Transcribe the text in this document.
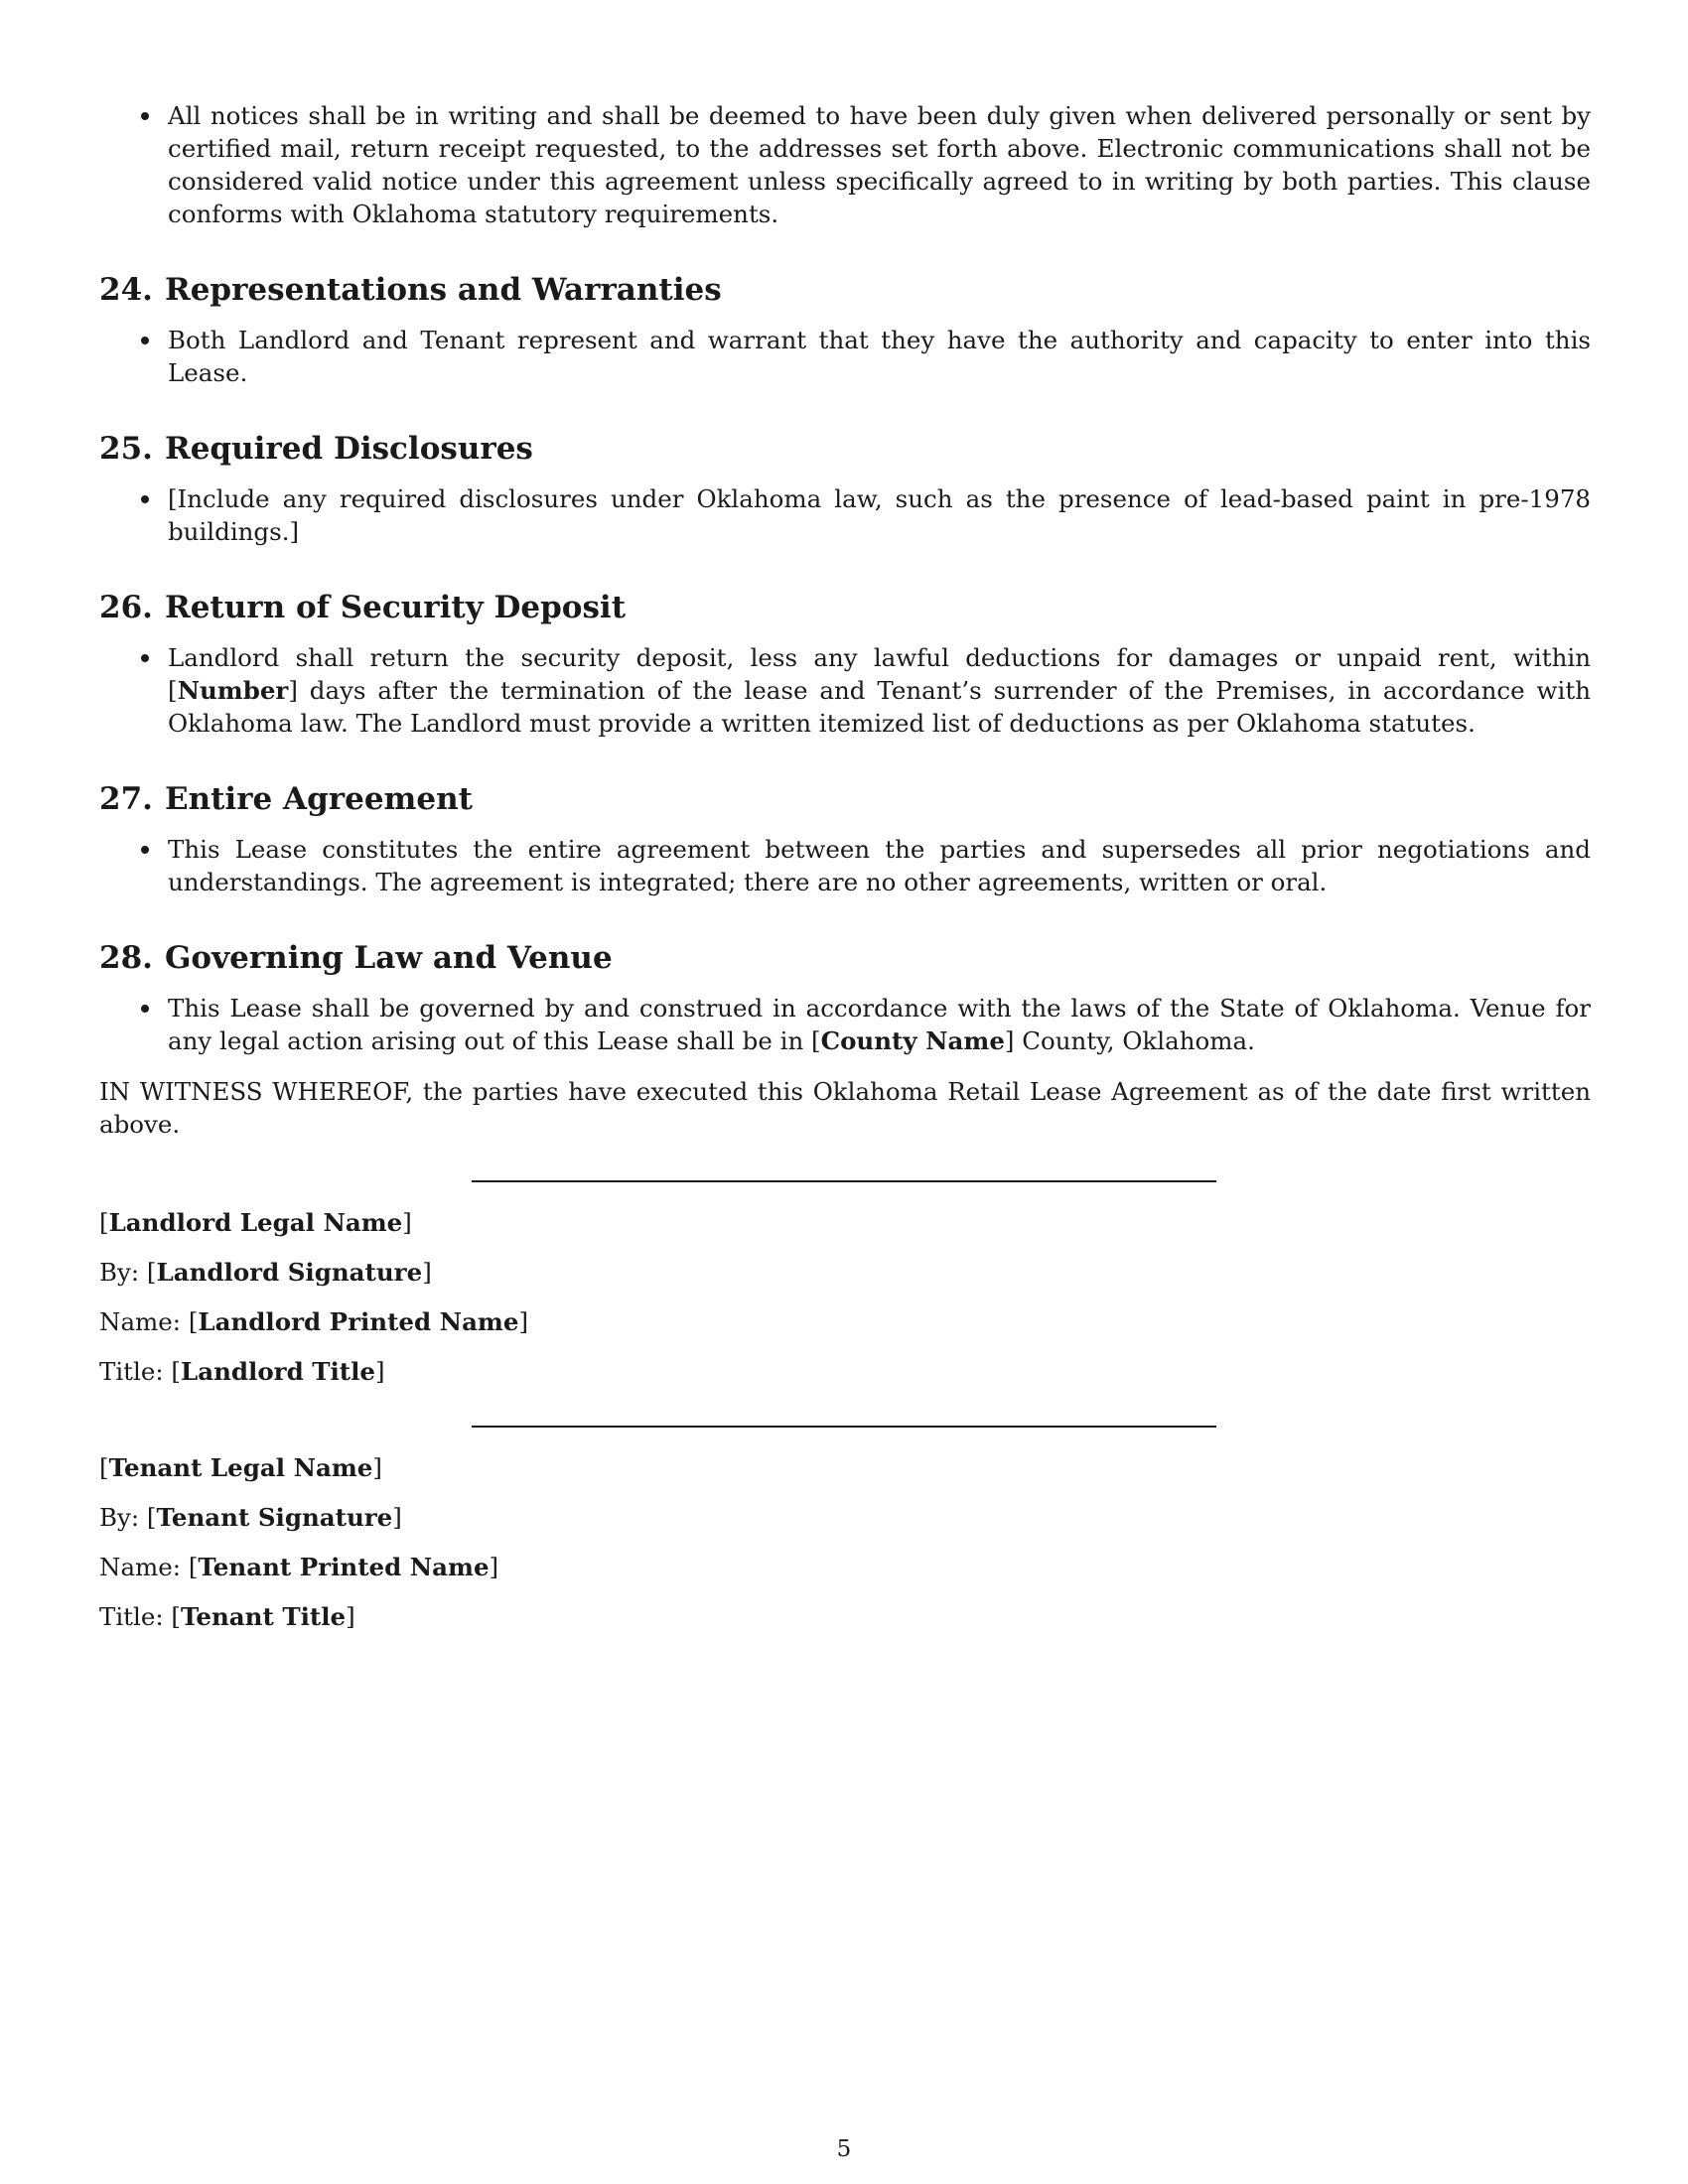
All notices shall be in writing and shall be deemed to have been duly given when delivered personally or sent by certified mail, return receipt requested, to the addresses set forth above. Electronic communications shall not be considered valid notice under this agreement unless specifically agreed to in writing by both parties. This clause conforms with Oklahoma statutory requirements.
24. Representations and Warranties
Both Landlord and Tenant represent and warrant that they have the authority and capacity to enter into this Lease.
25. Required Disclosures
[Include any required disclosures under Oklahoma law, such as the presence of lead-based paint in pre-1978 buildings.]
26. Return of Security Deposit
Landlord shall return the security deposit, less any lawful deductions for damages or unpaid rent, within [Number] days after the termination of the lease and Tenant’s surrender of the Premises, in accordance with Oklahoma law. The Landlord must provide a written itemized list of deductions as per Oklahoma statutes.
27. Entire Agreement
This Lease constitutes the entire agreement between the parties and supersedes all prior negotiations and understandings. The agreement is integrated; there are no other agreements, written or oral.
28. Governing Law and Venue
This Lease shall be governed by and construed in accordance with the laws of the State of Oklahoma. Venue for any legal action arising out of this Lease shall be in [County Name] County, Oklahoma.

IN WITNESS WHEREOF, the parties have executed this Oklahoma Retail Lease Agreement as of the date first written above.

[Landlord Legal Name]
By: [Landlord Signature]
Name: [Landlord Printed Name]
Title: [Landlord Title]
[Tenant Legal Name]
By: [Tenant Signature]
Name: [Tenant Printed Name]
Title: [Tenant Title]
5
